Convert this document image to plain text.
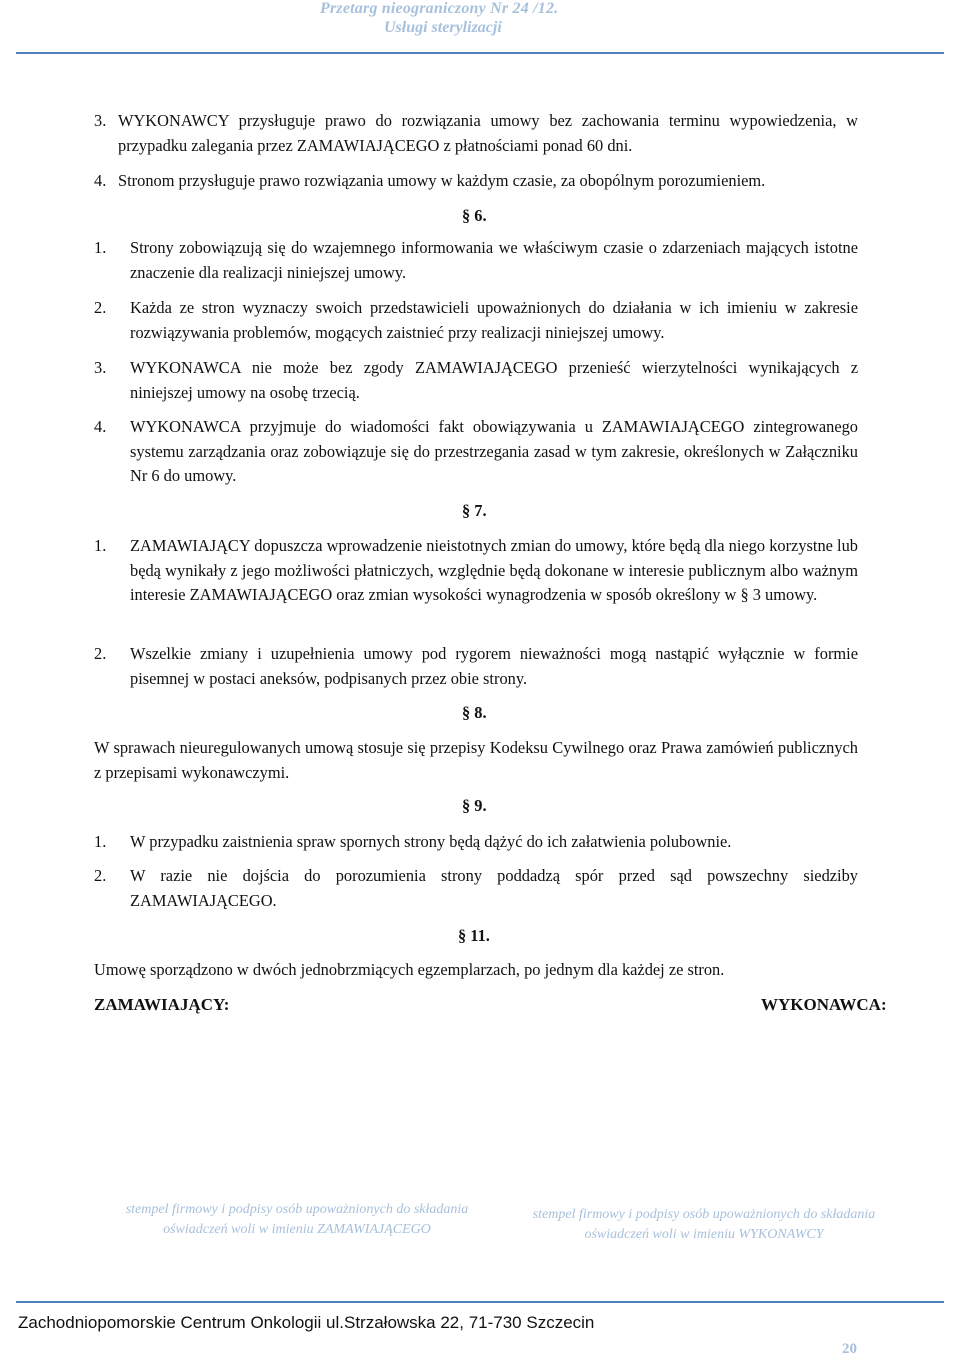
Przetarg nieograniczony Nr 24 /12.
Usługi sterylizacji
3. WYKONAWCY przysługuje prawo do rozwiązania umowy bez zachowania terminu wypowiedzenia, w przypadku zalegania przez ZAMAWIAJĄCEGO z płatnościami ponad 60 dni.
4. Stronom przysługuje prawo rozwiązania umowy w każdym czasie, za obopólnym porozumieniem.
§ 6.
1. Strony zobowiązują się do wzajemnego informowania we właściwym czasie o zdarzeniach mających istotne znaczenie dla realizacji niniejszej umowy.
2. Każda ze stron wyznaczy swoich przedstawicieli upoważnionych do działania w ich imieniu w zakresie rozwiązywania problemów, mogących zaistnieć przy realizacji niniejszej umowy.
3. WYKONAWCA nie może bez zgody ZAMAWIAJĄCEGO przenieść wierzytelności wynikających z niniejszej umowy na osobę trzecią.
4. WYKONAWCA przyjmuje do wiadomości fakt obowiązywania u ZAMAWIAJĄCEGO zintegrowanego systemu zarządzania oraz zobowiązuje się do przestrzegania zasad w tym zakresie, określonych w Załączniku Nr 6 do umowy.
§ 7.
1. ZAMAWIAJĄCY dopuszcza wprowadzenie nieistotnych zmian do umowy, które będą dla niego korzystne lub będą wynikały z jego możliwości płatniczych, względnie będą dokonane w interesie publicznym albo ważnym interesie ZAMAWIAJĄCEGO oraz zmian wysokości wynagrodzenia w sposób określony w § 3 umowy.
2. Wszelkie zmiany i uzupełnienia umowy pod rygorem nieważności mogą nastąpić wyłącznie w formie pisemnej w postaci aneksów, podpisanych przez obie strony.
§ 8.
W sprawach nieuregulowanych umową stosuje się przepisy Kodeksu Cywilnego oraz Prawa zamówień publicznych z przepisami wykonawczymi.
§ 9.
1. W przypadku zaistnienia spraw spornych strony będą dążyć do ich załatwienia polubownie.
2. W razie nie dojścia do porozumienia strony poddadzą spór przed sąd powszechny siedziby ZAMAWIAJĄCEGO.
§ 11.
Umowę sporządzono w dwóch jednobrzmiących egzemplarzach, po jednym dla każdej ze stron.
ZAMAWIAJĄCY:	WYKONAWCA:
stempel firmowy i podpisy osób upoważnionych do składania
oświadczeń woli w imieniu ZAMAWIAJĄCEGO
stempel firmowy i podpisy osób upoważnionych do składania
oświadczeń woli w imieniu WYKONAWCY
Zachodniopomorskie Centrum Onkologii ul.Strzałowska 22, 71-730 Szczecin
20
